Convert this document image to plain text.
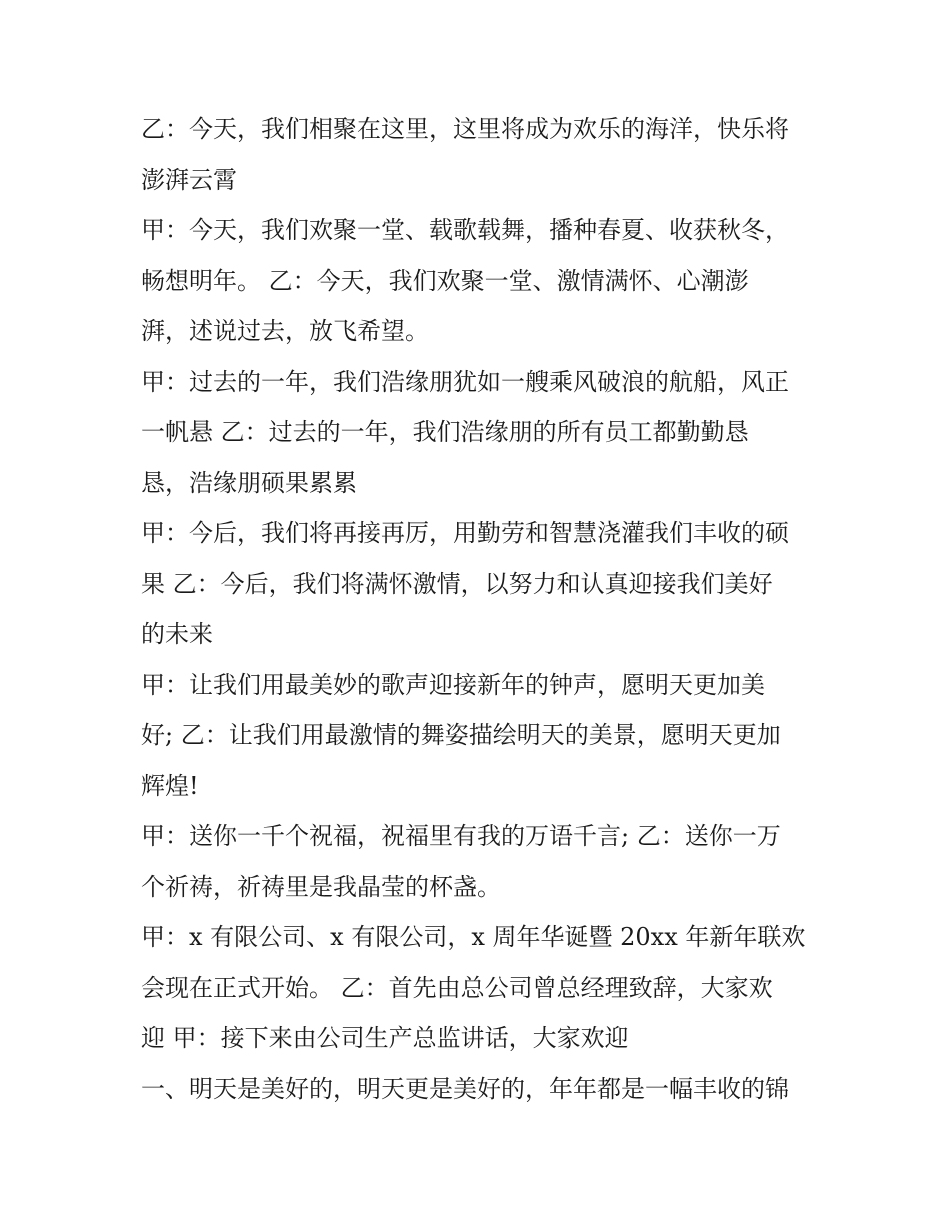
乙：今天，我们相聚在这里，这里将成为欢乐的海洋，快乐将
澎湃云霄

甲：今天，我们欢聚一堂、载歌载舞，播种春夏、收获秋冬，
畅想明年。 乙：今天，我们欢聚一堂、激情满怀、心潮澎
湃，述说过去，放飞希望。

甲：过去的一年，我们浩缘朋犹如一艘乘风破浪的航船，风正
一帆悬 乙：过去的一年，我们浩缘朋的所有员工都勤勤恳
恳，浩缘朋硕果累累

甲：今后，我们将再接再厉，用勤劳和智慧浇灌我们丰收的硕
果 乙：今后，我们将满怀激情，以努力和认真迎接我们美好
的未来

甲：让我们用最美妙的歌声迎接新年的钟声，愿明天更加美
好; 乙：让我们用最激情的舞姿描绘明天的美景，愿明天更加
辉煌!

甲：送你一千个祝福，祝福里有我的万语千言; 乙：送你一万
个祈祷，祈祷里是我晶莹的杯盏。

甲：x 有限公司、x 有限公司，x 周年华诞暨 20xx 年新年联欢
会现在正式开始。 乙：首先由总公司曾总经理致辞，大家欢
迎 甲：接下来由公司生产总监讲话，大家欢迎

一、明天是美好的，明天更是美好的，年年都是一幅丰收的锦
